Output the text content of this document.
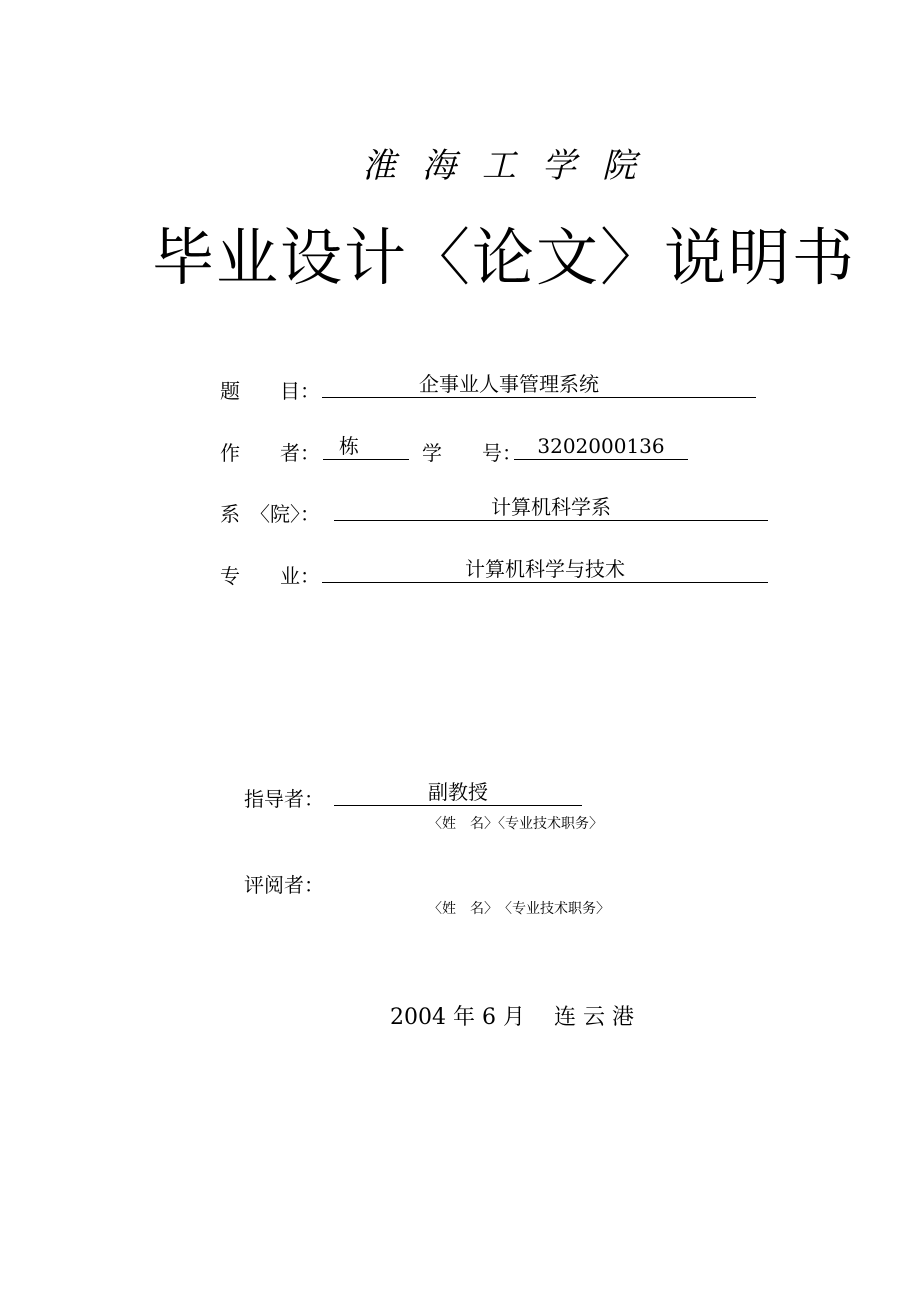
淮海工学院
毕业设计〈论文〉说明书
题　　目：	企事业人事管理系统
作　　者： 栋	学　　号： 3202000136
系　〈院〉：	计算机科学系
专　　业：	计算机科学与技术
指导者：	副教授
〈姓　名〉〈专业技术职务〉
评阅者：
〈姓　名〉　〈专业技术职务〉
2004 年 6 月　 连 云 港
